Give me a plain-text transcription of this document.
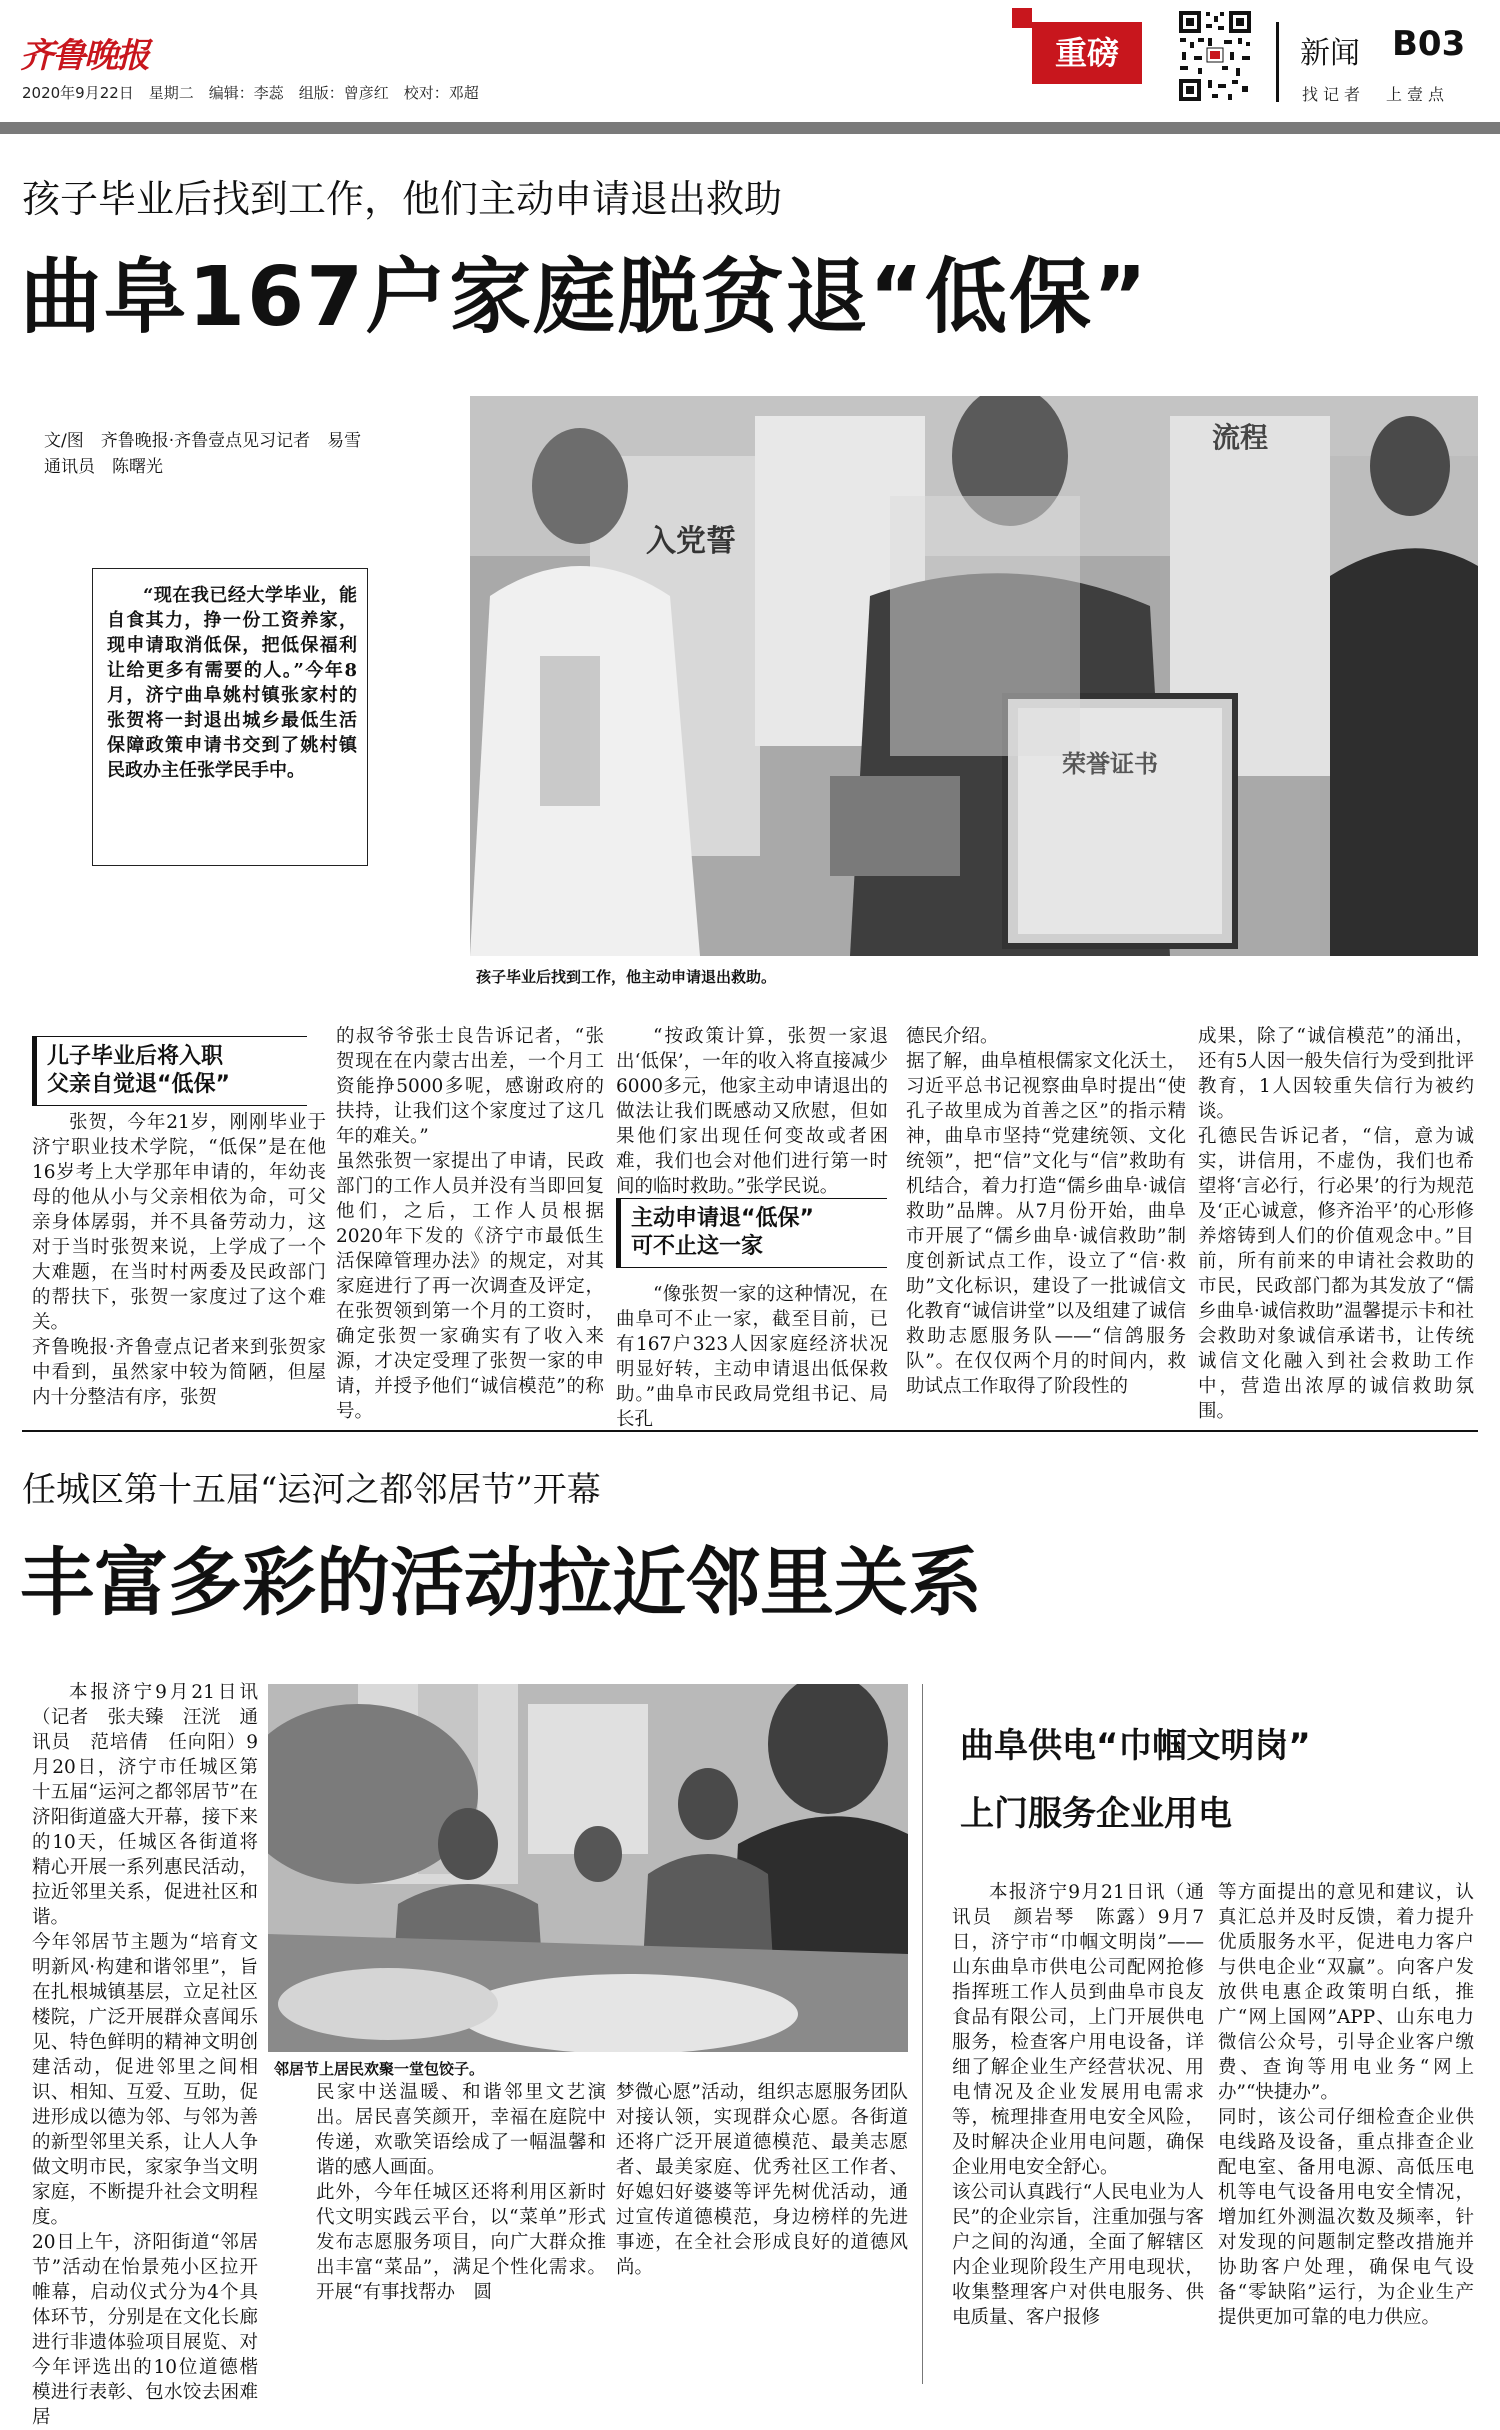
齐鲁晚报
2020年9月22日　星期二　编辑：李蕊　组版：曾彦红　校对：邓超
重磅	新闻 B03
找记者　上壹点
孩子毕业后找到工作，他们主动申请退出救助
曲阜167户家庭脱贫退“低保”
文/图　齐鲁晚报·齐鲁壹点见习记者　易雪
通讯员　陈曙光
“现在我已经大学毕业，能自食其力，挣一份工资养家，现申请取消低保，把低保福利让给更多有需要的人。”今年8月，济宁曲阜姚村镇张家村的张贺将一封退出城乡最低生活保障政策申请书交到了姚村镇民政办主任张学民手中。
入党誓
流程
荣誉证书
孩子毕业后找到工作，他主动申请退出救助。
儿子毕业后将入职
父亲自觉退“低保”

张贺，今年21岁，刚刚毕业于济宁职业技术学院，“低保”是在他16岁考上大学那年申请的，年幼丧母的他从小与父亲相依为命，可父亲身体孱弱，并不具备劳动力，这对于当时张贺来说，上学成了一个大难题，在当时村两委及民政部门的帮扶下，张贺一家度过了这个难关。
齐鲁晚报·齐鲁壹点记者来到张贺家中看到，虽然家中较为简陋，但屋内十分整洁有序，张贺

的叔爷爷张士良告诉记者，“张贺现在在内蒙古出差，一个月工资能挣5000多呢，感谢政府的扶持，让我们这个家度过了这几年的难关。”
虽然张贺一家提出了申请，民政部门的工作人员并没有当即回复他们，之后，工作人员根据2020年下发的《济宁市最低生活保障管理办法》的规定，对其家庭进行了再一次调查及评定，在张贺领到第一个月的工资时，确定张贺一家确实有了收入来源，才决定受理了张贺一家的申请，并授予他们“诚信模范”的称号。

“按政策计算，张贺一家退出‘低保’，一年的收入将直接减少6000多元，他家主动申请退出的做法让我们既感动又欣慰，但如果他们家出现任何变故或者困难，我们也会对他们进行第一时间的临时救助。”张学民说。

主动申请退“低保”
可不止这一家

“像张贺一家的这种情况，在曲阜可不止一家，截至目前，已有167户323人因家庭经济状况明显好转，主动申请退出低保救助。”曲阜市民政局党组书记、局长孔

德民介绍。
据了解，曲阜植根儒家文化沃土，习近平总书记视察曲阜时提出“使孔子故里成为首善之区”的指示精神，曲阜市坚持“党建统领、文化统领”，把“信”文化与“信”救助有机结合，着力打造“儒乡曲阜·诚信救助”品牌。从7月份开始，曲阜市开展了“儒乡曲阜·诚信救助”制度创新试点工作，设立了“信·救助”文化标识，建设了一批诚信文化教育“诚信讲堂”以及组建了诚信救助志愿服务队——“信鸽服务队”。在仅仅两个月的时间内，救助试点工作取得了阶段性的

成果，除了“诚信模范”的涌出，还有5人因一般失信行为受到批评教育，1人因较重失信行为被约谈。
孔德民告诉记者，“信，意为诚实，讲信用，不虚伪，我们也希望将‘言必行，行必果’的行为规范及‘正心诚意，修齐治平’的心形修养熔铸到人们的价值观念中。”目前，所有前来的申请社会救助的市民，民政部门都为其发放了“儒乡曲阜·诚信救助”温馨提示卡和社会救助对象诚信承诺书，让传统诚信文化融入到社会救助工作中，营造出浓厚的诚信救助氛围。

任城区第十五届“运河之都邻居节”开幕
丰富多彩的活动拉近邻里关系

本报济宁9月21日讯（记者　张夫臻　汪洸　通讯员　范培倩　任向阳）9月20日，济宁市任城区第十五届“运河之都邻居节”在济阳街道盛大开幕，接下来的10天，任城区各街道将精心开展一系列惠民活动，拉近邻里关系，促进社区和谐。
今年邻居节主题为“培育文明新风·构建和谐邻里”，旨在扎根城镇基层，立足社区楼院，广泛开展群众喜闻乐见、特色鲜明的精神文明创建活动，促进邻里之间相识、相知、互爱、互助，促进形成以德为邻、与邻为善的新型邻里关系，让人人争做文明市民，家家争当文明家庭，不断提升社会文明程度。
20日上午，济阳街道“邻居节”活动在怡景苑小区拉开帷幕，启动仪式分为4个具体环节，分别是在文化长廊进行非遗体验项目展览、对今年评选出的10位道德楷模进行表彰、包水饺去困难居

邻居节上居民欢聚一堂包饺子。

民家中送温暖、和谐邻里文艺演出。居民喜笑颜开，幸福在庭院中传递，欢歌笑语绘成了一幅温馨和谐的感人画面。
此外，今年任城区还将利用区新时代文明实践云平台，以“菜单”形式发布志愿服务项目，向广大群众推出丰富“菜品”，满足个性化需求。开展“有事找帮办　圆

梦微心愿”活动，组织志愿服务团队对接认领，实现群众心愿。各街道还将广泛开展道德模范、最美志愿者、最美家庭、优秀社区工作者、好媳妇好婆婆等评先树优活动，通过宣传道德模范，身边榜样的先进事迹，在全社会形成良好的道德风尚。

曲阜供电“巾帼文明岗”
上门服务企业用电

本报济宁9月21日讯（通讯员　颜岩琴　陈露）9月7日，济宁市“巾帼文明岗”——山东曲阜市供电公司配网抢修指挥班工作人员到曲阜市良友食品有限公司，上门开展供电服务，检查客户用电设备，详细了解企业生产经营状况、用电情况及企业发展用电需求等，梳理排查用电安全风险，及时解决企业用电问题，确保企业用电安全舒心。
该公司认真践行“人民电业为人民”的企业宗旨，注重加强与客户之间的沟通，全面了解辖区内企业现阶段生产用电现状，收集整理客户对供电服务、供电质量、客户报修

等方面提出的意见和建议，认真汇总并及时反馈，着力提升优质服务水平，促进电力客户与供电企业“双赢”。向客户发放供电惠企政策明白纸，推广“网上国网”APP、山东电力微信公众号，引导企业客户缴费、查询等用电业务“网上办”“快捷办”。
同时，该公司仔细检查企业供电线路及设备，重点排查企业配电室、备用电源、高低压电机等电气设备用电安全情况，增加红外测温次数及频率，针对发现的问题制定整改措施并协助客户处理，确保电气设备“零缺陷”运行，为企业生产提供更加可靠的电力供应。
